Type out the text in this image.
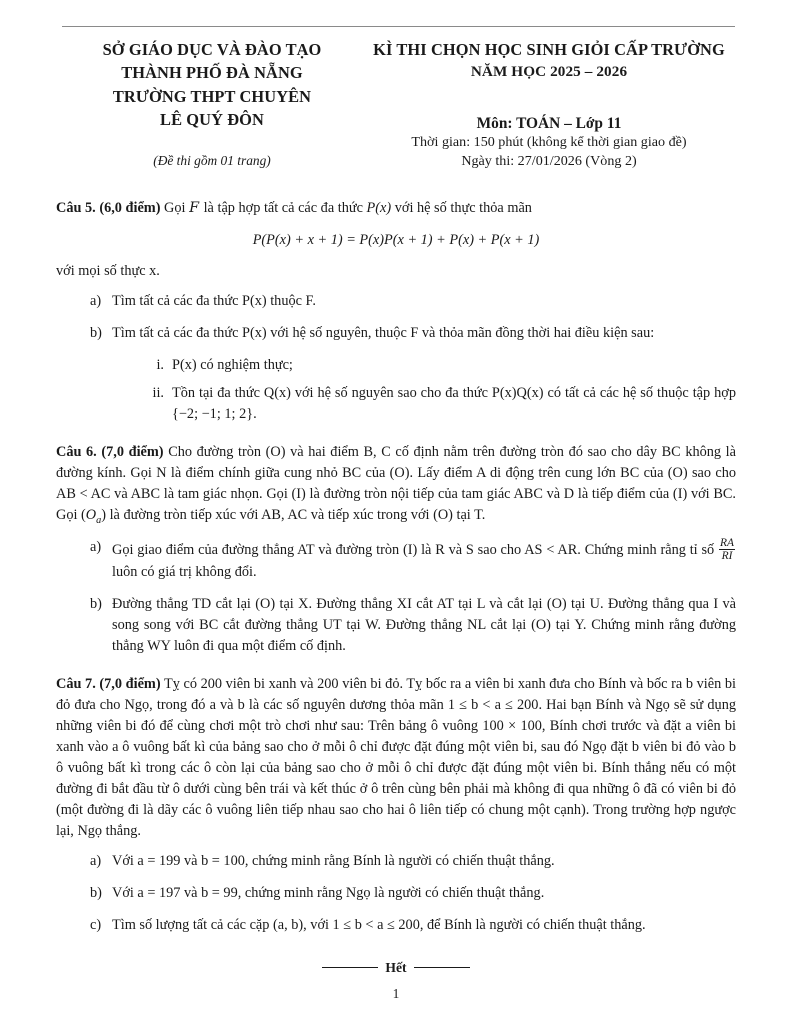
SỞ GIÁO DỤC VÀ ĐÀO TẠO
THÀNH PHỐ ĐÀ NẴNG
TRƯỜNG THPT CHUYÊN
LÊ QUÝ ĐÔN
(Đề thi gồm 01 trang)
KÌ THI CHỌN HỌC SINH GIỎI CẤP TRƯỜNG
NĂM HỌC 2025 – 2026
Môn: TOÁN – Lớp 11
Thời gian: 150 phút (không kể thời gian giao đề)
Ngày thi: 27/01/2026 (Vòng 2)

Câu 5. (6,0 điểm) Gọi F là tập hợp tất cả các đa thức P(x) với hệ số thực thỏa mãn

P(P(x) + x + 1) = P(x)P(x + 1) + P(x) + P(x + 1)

với mọi số thực x.

Tìm tất cả các đa thức P(x) thuộc F.
Tìm tất cả các đa thức P(x) với hệ số nguyên, thuộc F và thỏa mãn đồng thời hai điều kiện sau:
P(x) có nghiệm thực;
Tồn tại đa thức Q(x) với hệ số nguyên sao cho đa thức P(x)Q(x) có tất cả các hệ số thuộc tập hợp {−2; −1; 1; 2}.

Câu 6. (7,0 điểm) Cho đường tròn (O) và hai điểm B, C cố định nằm trên đường tròn đó sao cho dây BC không là đường kính. Gọi N là điểm chính giữa cung nhỏ BC của (O). Lấy điểm A di động trên cung lớn BC của (O) sao cho AB < AC và ABC là tam giác nhọn. Gọi (I) là đường tròn nội tiếp của tam giác ABC và D là tiếp điểm của (I) với BC. Gọi $(O_a)$ là đường tròn tiếp xúc với AB, AC và tiếp xúc trong với (O) tại T.

Gọi giao điểm của đường thẳng AT và đường tròn (I) là R và S sao cho AS < AR. Chứng minh rằng tỉ số $\frac{RA}{RI}$
luôn có giá trị không đổi.
Đường thẳng TD cắt lại (O) tại X. Đường thẳng XI cắt AT tại L và cắt lại (O) tại U. Đường thẳng qua I và song song với BC cắt đường thẳng UT tại W. Đường thẳng NL cắt lại (O) tại Y. Chứng minh rằng đường thẳng WY luôn đi qua một điểm cố định.

Câu 7. (7,0 điểm) Tỵ có 200 viên bi xanh và 200 viên bi đỏ. Tỵ bốc ra a viên bi xanh đưa cho Bính và bốc ra b viên bi đỏ đưa cho Ngọ, trong đó a và b là các số nguyên dương thỏa mãn 1 ≤ b < a ≤ 200. Hai bạn Bính và Ngọ sẽ sử dụng những viên bi đó để cùng chơi một trò chơi như sau: Trên bảng ô vuông 100 × 100, Bính chơi trước và đặt a viên bi xanh vào a ô vuông bất kì của bảng sao cho ở mỗi ô chỉ được đặt đúng một viên bi, sau đó Ngọ đặt b viên bi đỏ vào b ô vuông bất kì trong các ô còn lại của bảng sao cho ở mỗi ô chỉ được đặt đúng một viên bi. Bính thắng nếu có một đường đi bắt đầu từ ô dưới cùng bên trái và kết thúc ở ô trên cùng bên phải mà không đi qua những ô đã có viên bi đỏ (một đường đi là dãy các ô vuông liên tiếp nhau sao cho hai ô liên tiếp có chung một cạnh). Trong trường hợp ngược lại, Ngọ thắng.

Với a = 199 và b = 100, chứng minh rằng Bính là người có chiến thuật thắng.
Với a = 197 và b = 99, chứng minh rằng Ngọ là người có chiến thuật thắng.
Tìm số lượng tất cả các cặp (a, b), với 1 ≤ b < a ≤ 200, để Bính là người có chiến thuật thắng.
Hết
1
